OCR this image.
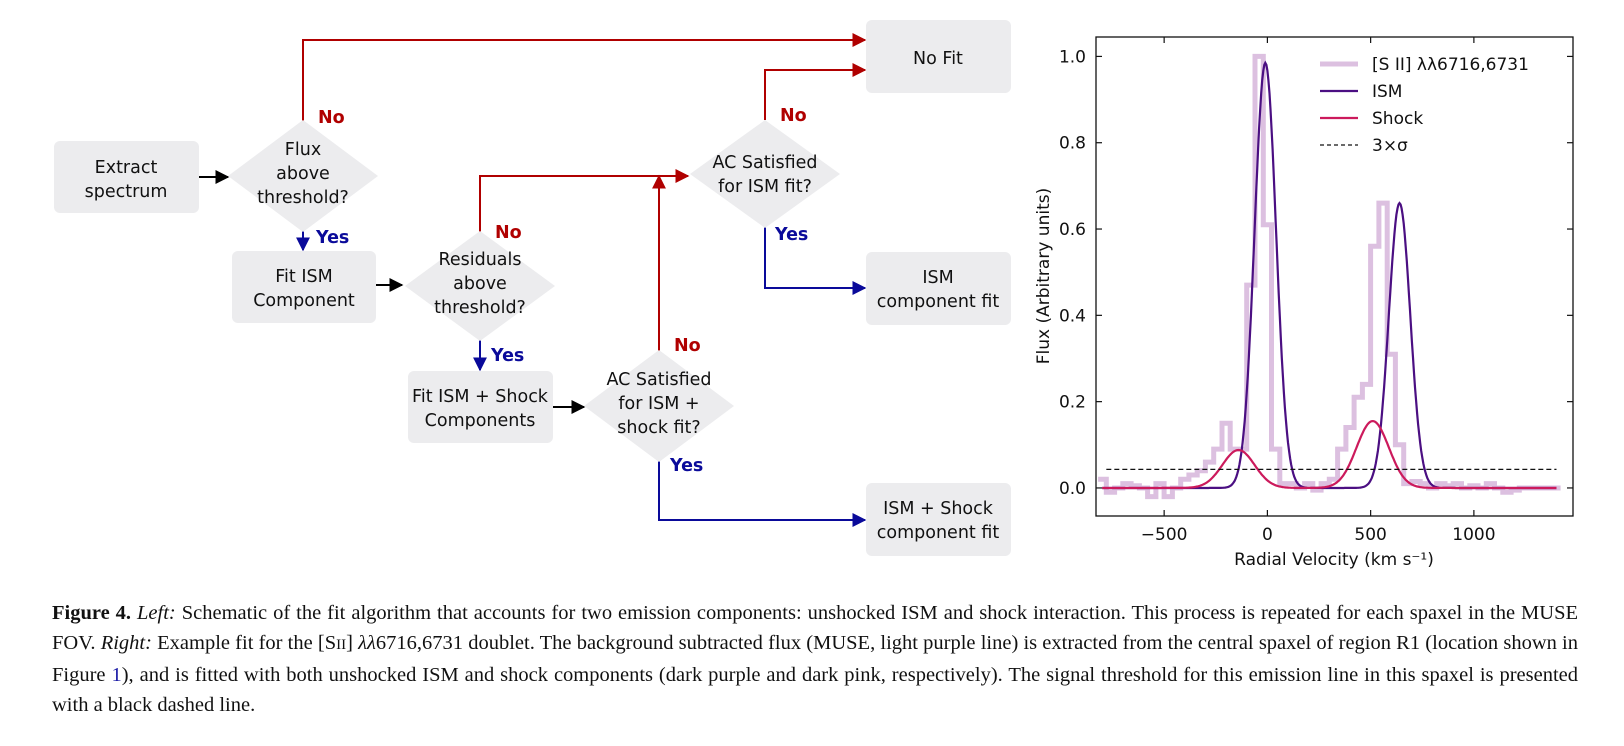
Extract spectrum
Flux above threshold?
Fit ISM Component
Residuals above threshold?
Fit ISM + Shock Components
AC Satisfied for ISM + shock fit?
AC Satisfied for ISM fit?
No Fit
ISM component fit
ISM + Shock component fit
No
Yes	No
Yes	No
Yes
No
Yes
−500	0	500	1000
0.0
0.2
0.4
0.6
0.8
1.0
Radial Velocity (km s⁻¹)
Flux (Arbitrary units)
[S II] λλ6716,6731
ISM
Shock
3×σ
Figure 4. Left: Schematic of the fit algorithm that accounts for two emission components: unshocked ISM and shock interaction. This process is repeated for each spaxel in the MUSE FOV. Right: Example fit for the [SII] λλ6716,6731 doublet. The background subtracted flux (MUSE, light purple line) is extracted from the central spaxel of region R1 (location shown in Figure 1), and is fitted with both unshocked ISM and shock components (dark purple and dark pink, respectively). The signal threshold for this emission line in this spaxel is presented with a black dashed line.
